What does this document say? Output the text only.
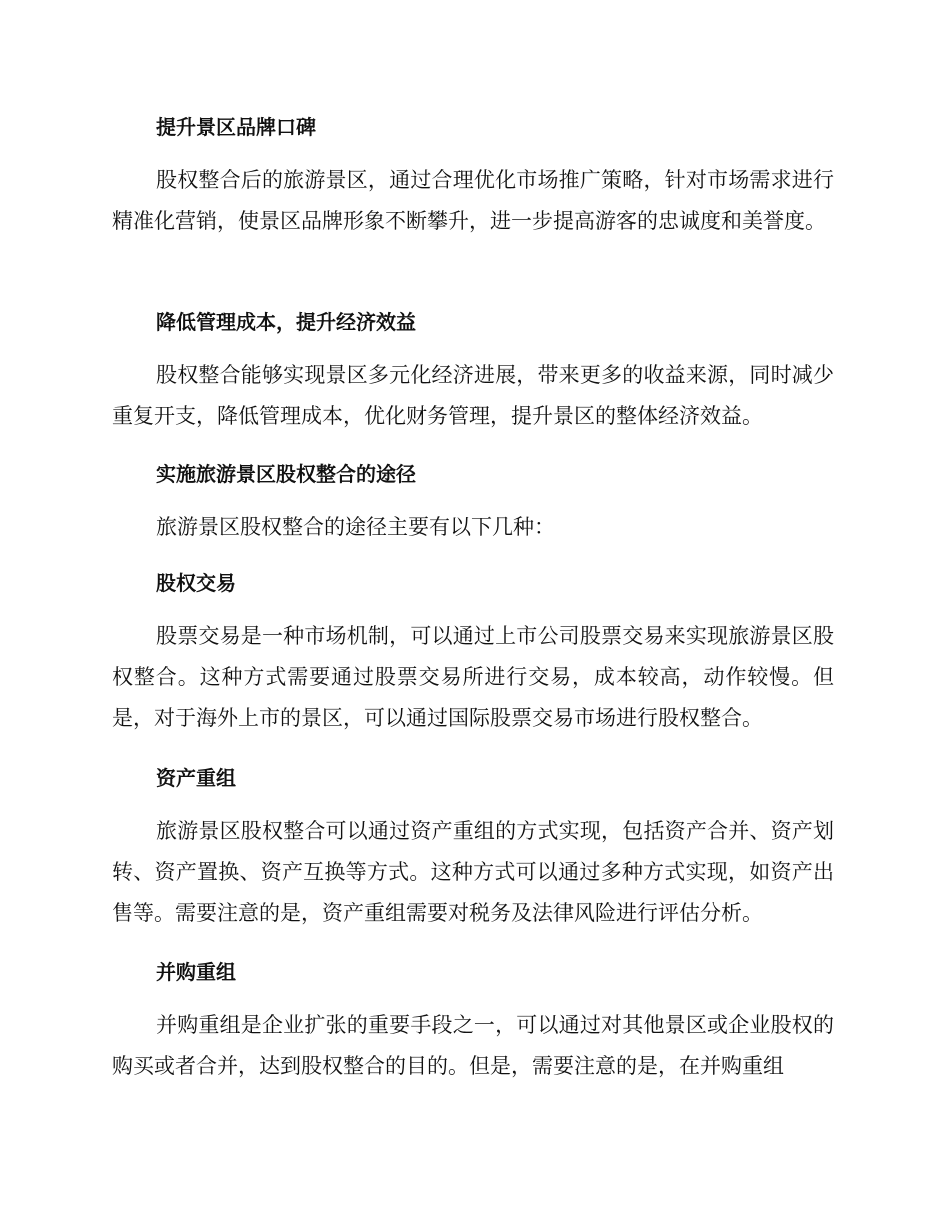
提升景区品牌口碑
股权整合后的旅游景区，通过合理优化市场推广策略，针对市场需求进行精准化营销，使景区品牌形象不断攀升，进一步提高游客的忠诚度和美誉度。
降低管理成本，提升经济效益
股权整合能够实现景区多元化经济进展，带来更多的收益来源，同时减少重复开支，降低管理成本，优化财务管理，提升景区的整体经济效益。
实施旅游景区股权整合的途径
旅游景区股权整合的途径主要有以下几种：
股权交易
股票交易是一种市场机制，可以通过上市公司股票交易来实现旅游景区股权整合。这种方式需要通过股票交易所进行交易，成本较高，动作较慢。但是，对于海外上市的景区，可以通过国际股票交易市场进行股权整合。
资产重组
旅游景区股权整合可以通过资产重组的方式实现，包括资产合并、资产划转、资产置换、资产互换等方式。这种方式可以通过多种方式实现，如资产出售等。需要注意的是，资产重组需要对税务及法律风险进行评估分析。
并购重组
并购重组是企业扩张的重要手段之一，可以通过对其他景区或企业股权的购买或者合并，达到股权整合的目的。但是，需要注意的是，在并购重组
